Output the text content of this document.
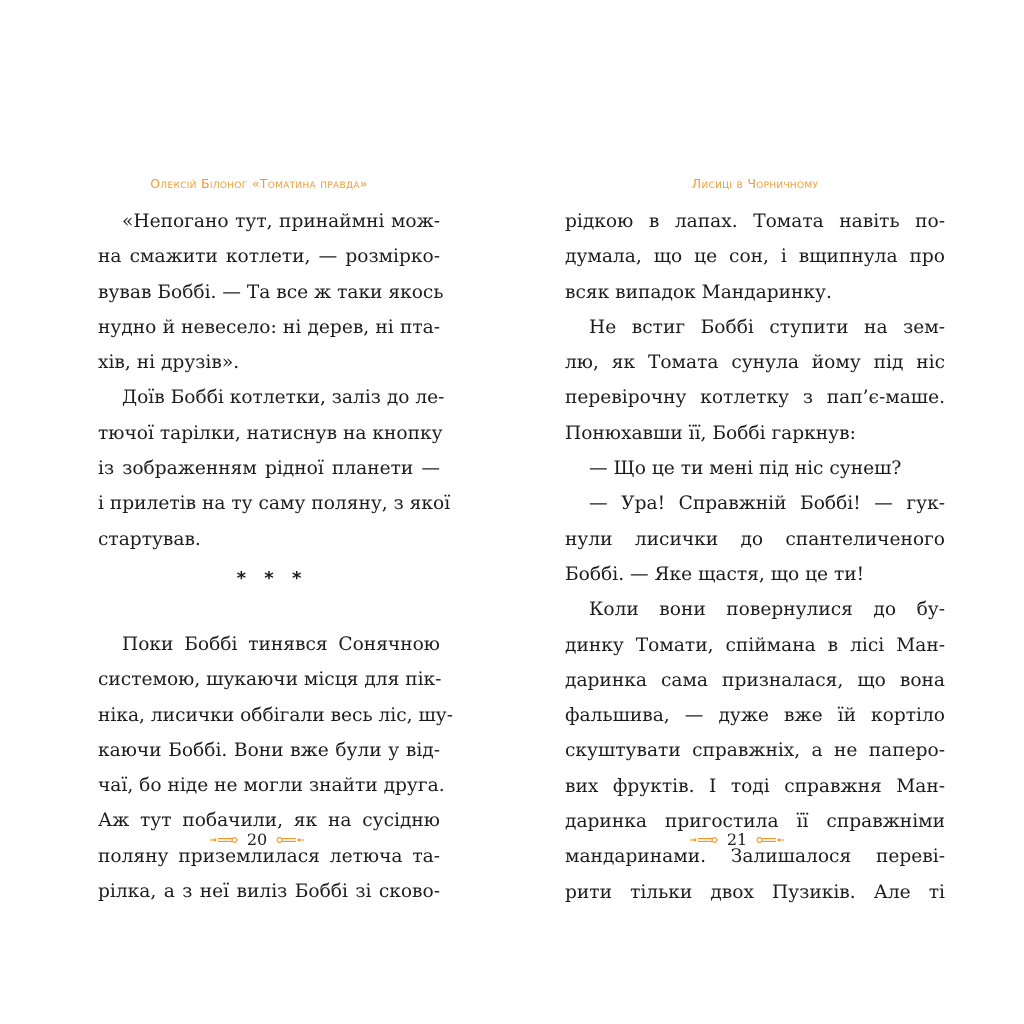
Олексій Білоног «Томатина правда»
«Непогано тут, принаймні мож-
на смажити котлети, — розмірко-
вував Боббі. — Та все ж таки якось
нудно й невесело: ні дерев, ні пта-
хів, ні друзів».
Доїв Боббі котлетки, заліз до ле-
тючої тарілки, натиснув на кнопку
із зображенням рідної планети —
і прилетів на ту саму поляну, з якої
стартував.
* * *
Поки Боббі тинявся Сонячною
системою, шукаючи місця для пік-
ніка, лисички оббігали весь ліс, шу-
каючи Боббі. Вони вже були у від-
чаї, бо ніде не могли знайти друга.
Аж тут побачили, як на сусідню
поляну приземлилася летюча та-
рілка, а з неї виліз Боббі зі сково-
20
Лисиці в Чорничному
рідкою в лапах. Томата навіть по-
думала, що це сон, і вщипнула про
всяк випадок Мандаринку.
Не встиг Боббі ступити на зем-
лю, як Томата сунула йому під ніс
перевірочну котлетку з пап’є-маше.
Понюхавши її, Боббі гаркнув:
— Що це ти мені під ніс сунеш?
— Ура! Справжній Боббі! — гук-
нули лисички до спантеличеного
Боббі. — Яке щастя, що це ти!
Коли вони повернулися до бу-
динку Томати, спіймана в лісі Ман-
даринка сама призналася, що вона
фальшива, — дуже вже їй кортіло
скуштувати справжніх, а не паперо-
вих фруктів. І тоді справжня Ман-
даринка пригостила її справжніми
мандаринами. Залишалося переві-
рити тільки двох Пузиків. Але ті
21
